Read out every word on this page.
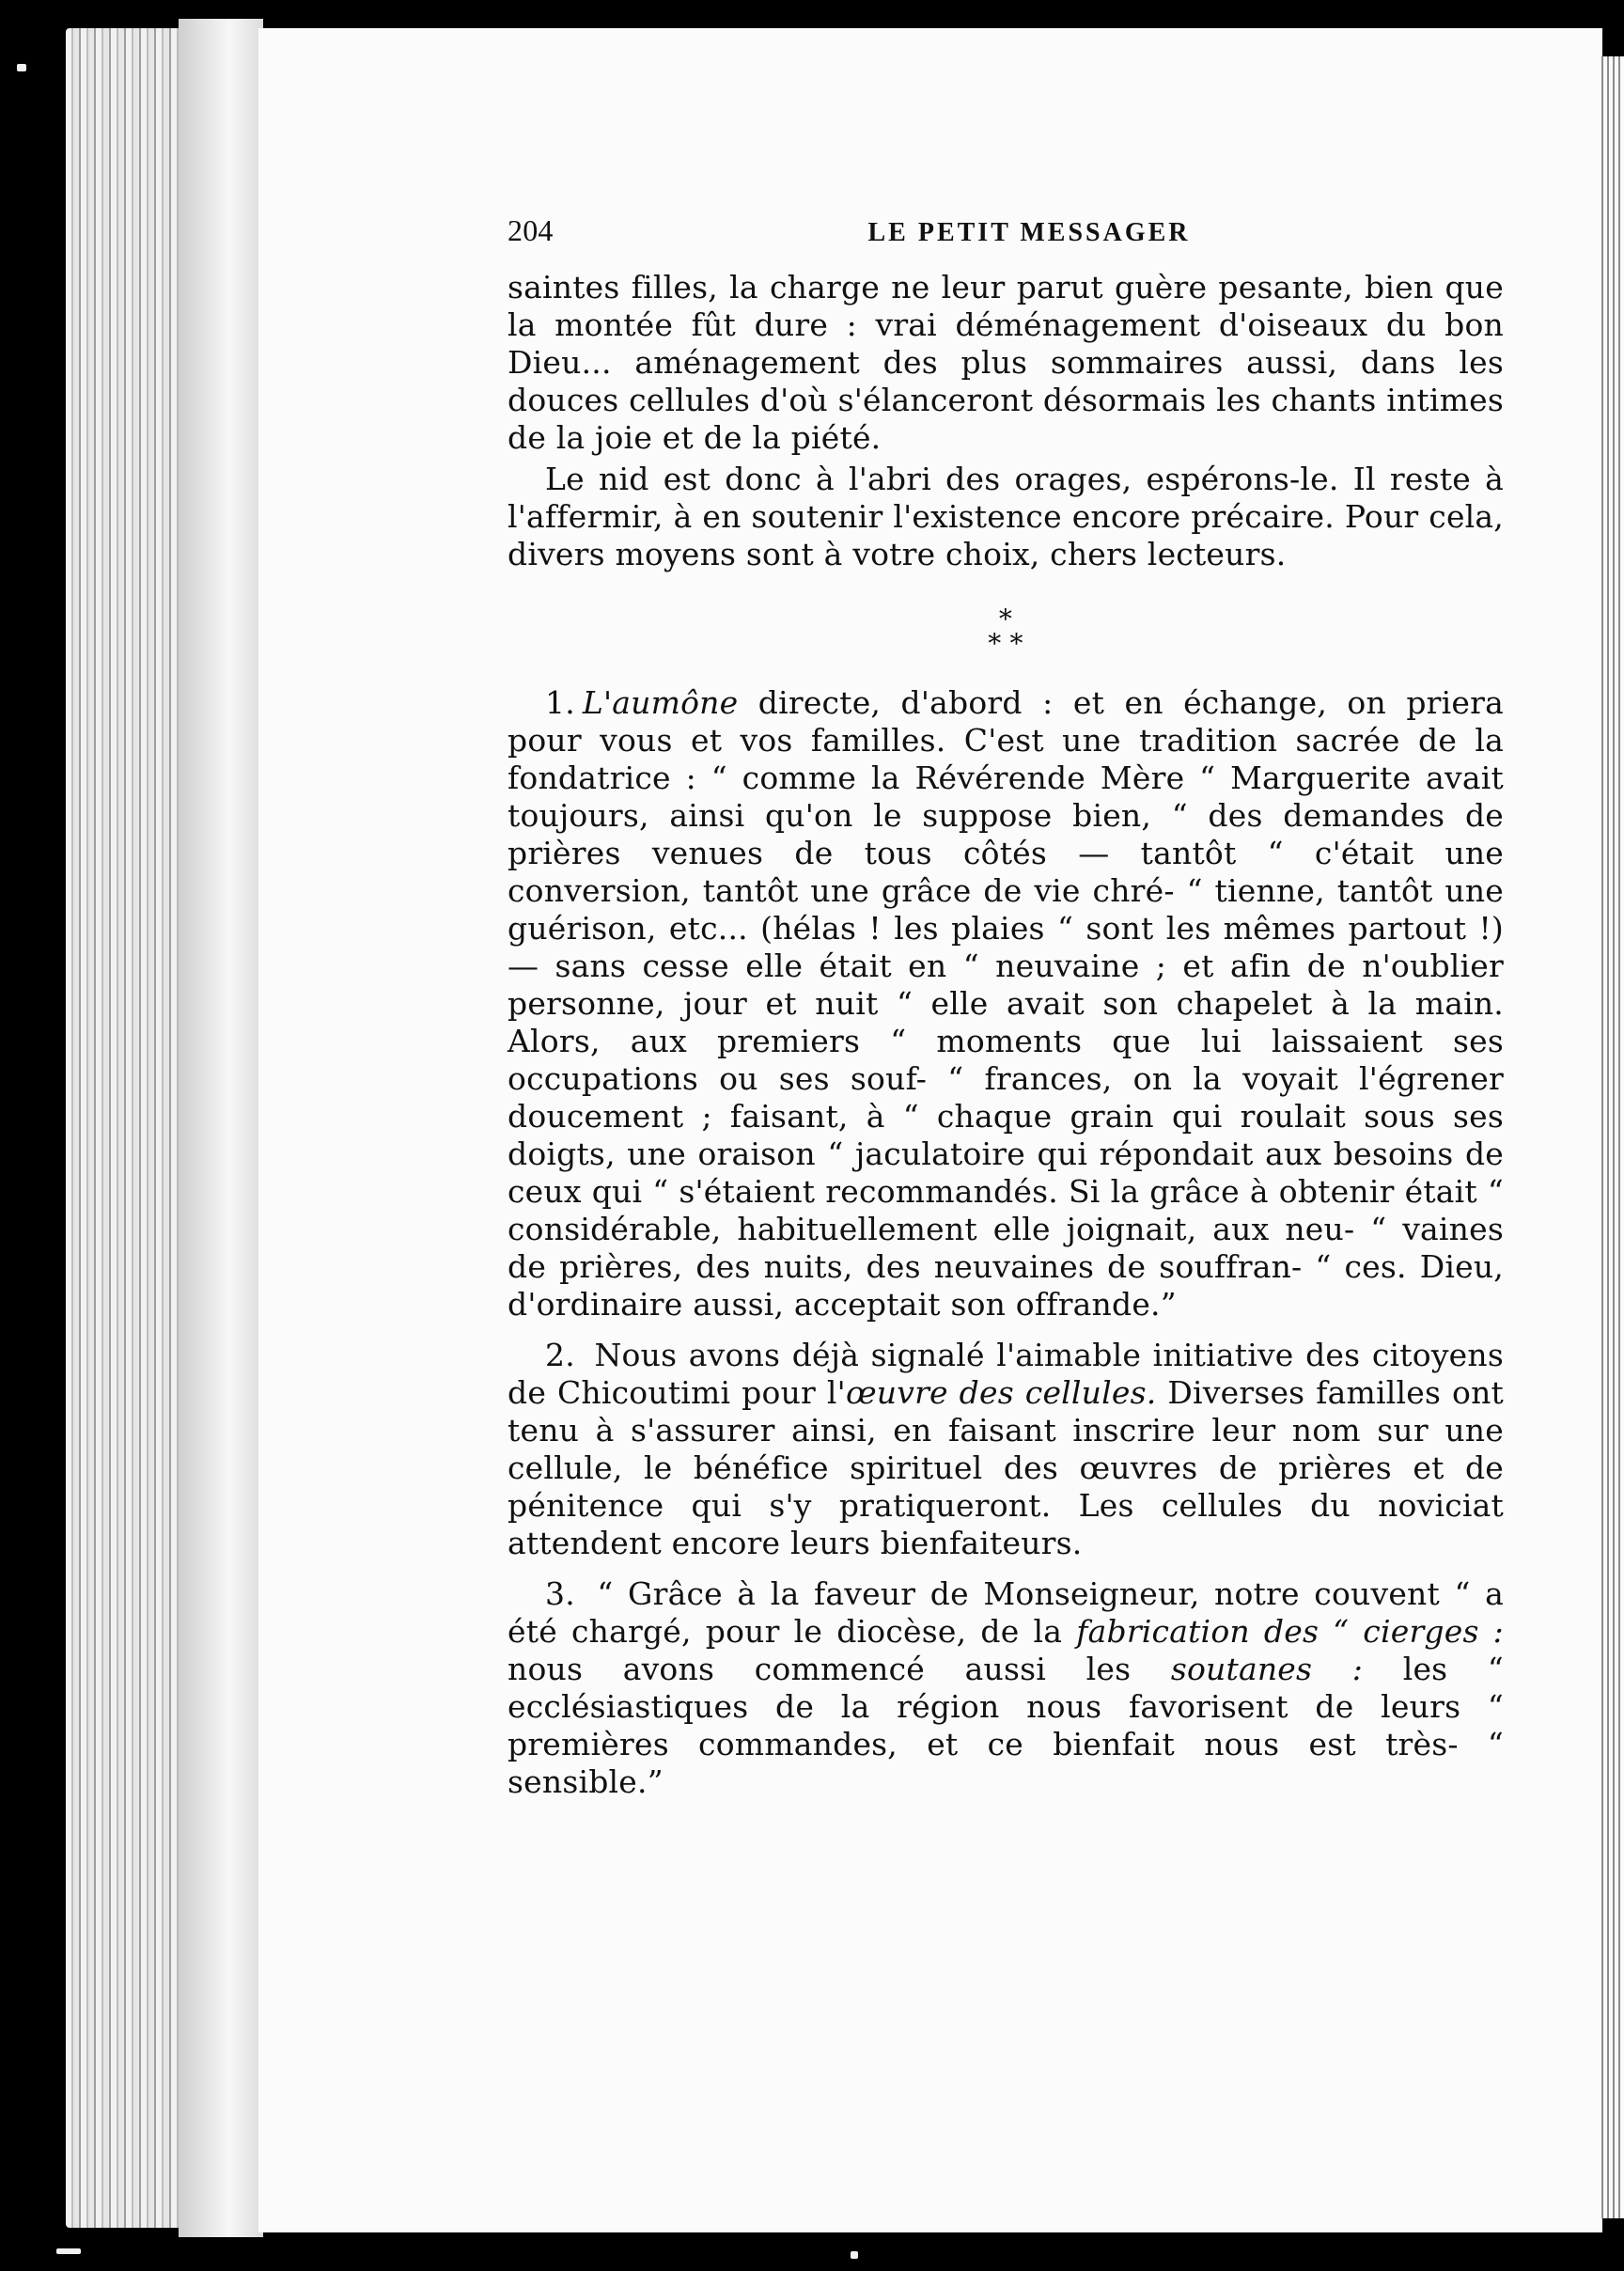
204	LE PETIT MESSAGER

saintes filles, la charge ne leur parut guère pesante, bien que la montée fût dure : vrai déménagement d'oiseaux du bon Dieu... aménagement des plus sommaires aussi, dans les douces cellules d'où s'élanceront désormais les chants intimes de la joie et de la piété.

Le nid est donc à l'abri des orages, espérons-le. Il reste à l'affermir, à en soutenir l'existence encore précaire. Pour cela, divers moyens sont à votre choix, chers lecteurs.

*
* *

1. L'aumône directe, d'abord : et en échange, on priera pour vous et vos familles. C'est une tradition sacrée de la fondatrice : “ comme la Révérende Mère “ Marguerite avait toujours, ainsi qu'on le suppose bien, “ des demandes de prières venues de tous côtés — tantôt “ c'était une conversion, tantôt une grâce de vie chré- “ tienne, tantôt une guérison, etc... (hélas ! les plaies “ sont les mêmes partout !) — sans cesse elle était en “ neuvaine ; et afin de n'oublier personne, jour et nuit “ elle avait son chapelet à la main. Alors, aux premiers “ moments que lui laissaient ses occupations ou ses souf- “ frances, on la voyait l'égrener doucement ; faisant, à “ chaque grain qui roulait sous ses doigts, une oraison “ jaculatoire qui répondait aux besoins de ceux qui “ s'étaient recommandés. Si la grâce à obtenir était “ considérable, habituellement elle joignait, aux neu- “ vaines de prières, des nuits, des neuvaines de souffran- “ ces. Dieu, d'ordinaire aussi, acceptait son offrande.”

2. Nous avons déjà signalé l'aimable initiative des citoyens de Chicoutimi pour l'œuvre des cellules. Diverses familles ont tenu à s'assurer ainsi, en faisant inscrire leur nom sur une cellule, le bénéfice spirituel des œuvres de prières et de pénitence qui s'y pratiqueront. Les cellules du noviciat attendent encore leurs bienfaiteurs.

3. “ Grâce à la faveur de Monseigneur, notre couvent “ a été chargé, pour le diocèse, de la fabrication des “ cierges : nous avons commencé aussi les soutanes : les “ ecclésiastiques de la région nous favorisent de leurs “ premières commandes, et ce bienfait nous est très- “ sensible.”
